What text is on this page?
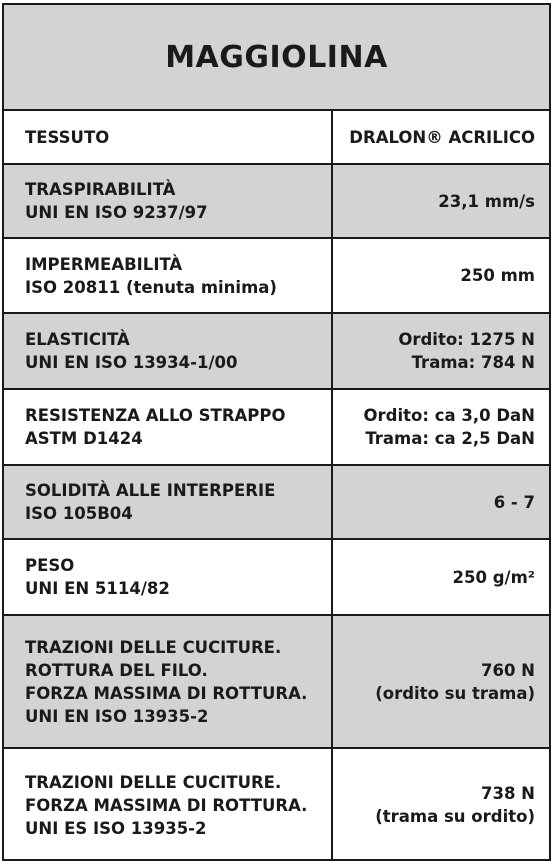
MAGGIOLINA
TESSUTO	DRALON® ACRILICO
TRASPIRABILITÀ
UNI EN ISO 9237/97
23,1 mm/s
IMPERMEABILITÀ
ISO 20811 (tenuta minima)
250 mm
ELASTICITÀ
UNI EN ISO 13934-1/00
Ordito: 1275 N
Trama: 784 N
RESISTENZA ALLO STRAPPO
ASTM D1424
Ordito: ca 3,0 DaN
Trama: ca 2,5 DaN
SOLIDITÀ ALLE INTERPERIE
ISO 105B04
6 - 7
PESO
UNI EN 5114/82
250 g/m²
TRAZIONI DELLE CUCITURE.
ROTTURA DEL FILO.
FORZA MASSIMA DI ROTTURA.
UNI EN ISO 13935-2
760 N
(ordito su trama)
TRAZIONI DELLE CUCITURE.
FORZA MASSIMA DI ROTTURA.
UNI ES ISO 13935-2
738 N
(trama su ordito)
